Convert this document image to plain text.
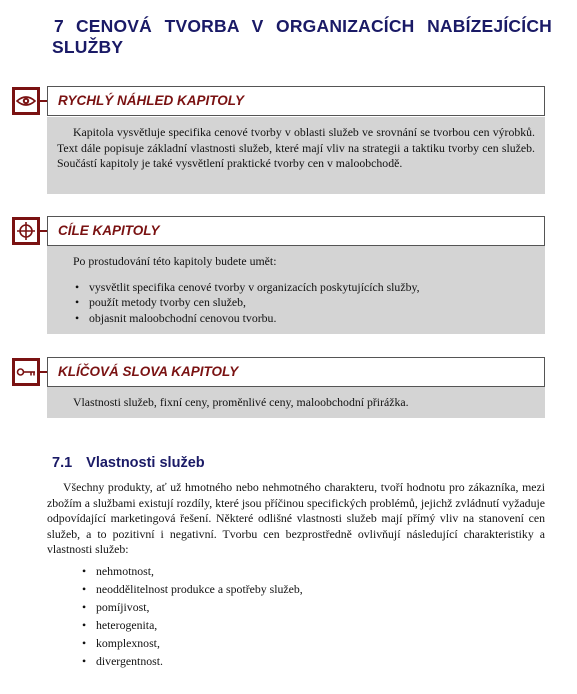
7 CENOVÁ TVORBA V ORGANIZACÍCH NABÍZEJÍCÍCH SLUŽBY
RYCHLÝ NÁHLED KAPITOLY

Kapitola vysvětluje specifika cenové tvorby v oblasti služeb ve srovnání se tvorbou cen výrobků. Text dále popisuje základní vlastnosti služeb, které mají vliv na strategii a taktiku tvorby cen služeb. Součástí kapitoly je také vysvětlení praktické tvorby cen v maloobchodě.

CÍLE KAPITOLY

Po prostudování této kapitoly budete umět:

• vysvětlit specifika cenové tvorby v organizacích poskytujících služby,
• použít metody tvorby cen služeb,
• objasnit maloobchodní cenovou tvorbu.
KLÍČOVÁ SLOVA KAPITOLY

Vlastnosti služeb, fixní ceny, proměnlivé ceny, maloobchodní přirážka.

7.1 Vlastnosti služeb

Všechny produkty, ať už hmotného nebo nehmotného charakteru, tvoří hodnotu pro zákazníka, mezi zbožím a službami existují rozdíly, které jsou příčinou specifických problémů, jejichž zvládnutí vyžaduje odpovídající marketingová řešení. Některé odlišné vlastnosti služeb mají přímý vliv na stanovení cen služeb, a to pozitivní i negativní. Tvorbu cen bezprostředně ovlivňují následující charakteristiky a vlastnosti služeb:

• nehmotnost,
• neoddělitelnost produkce a spotřeby služeb,
• pomíjivost,
• heterogenita,
• komplexnost,
• divergentnost.
